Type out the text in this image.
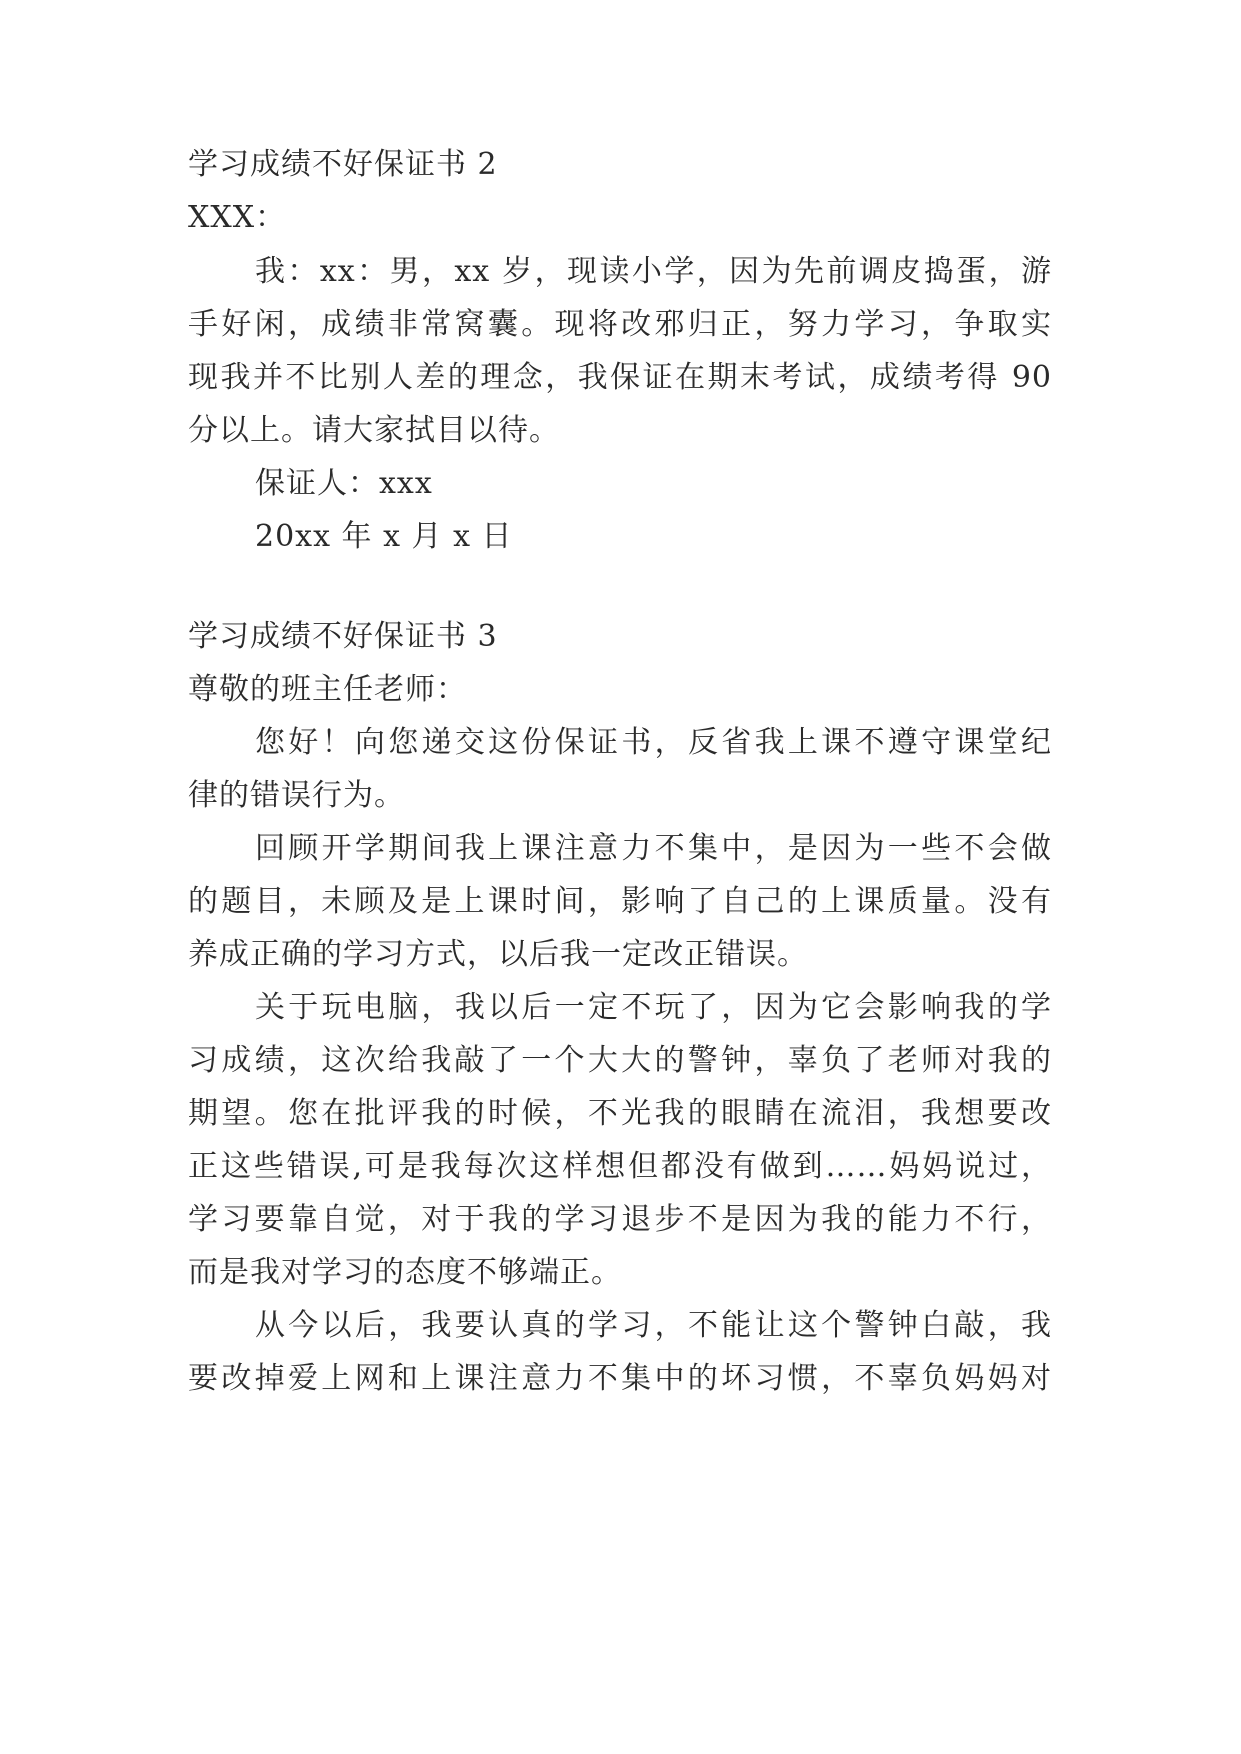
学习成绩不好保证书 2
XXX：
我：xx：男，xx 岁，现读小学，因为先前调皮捣蛋，游
手好闲，成绩非常窝囊。现将改邪归正，努力学习，争取实
现我并不比别人差的理念，我保证在期末考试，成绩考得 90
分以上。请大家拭目以待。
保证人：xxx
20xx 年 x 月 x 日
学习成绩不好保证书 3
尊敬的班主任老师：
您好！向您递交这份保证书，反省我上课不遵守课堂纪
律的错误行为。
回顾开学期间我上课注意力不集中，是因为一些不会做
的题目，未顾及是上课时间，影响了自己的上课质量。没有
养成正确的学习方式，以后我一定改正错误。
关于玩电脑，我以后一定不玩了，因为它会影响我的学
习成绩，这次给我敲了一个大大的警钟，辜负了老师对我的
期望。您在批评我的时候，不光我的眼睛在流泪，我想要改
正这些错误,可是我每次这样想但都没有做到……妈妈说过，
学习要靠自觉，对于我的学习退步不是因为我的能力不行，
而是我对学习的态度不够端正。
从今以后，我要认真的学习，不能让这个警钟白敲，我
要改掉爱上网和上课注意力不集中的坏习惯，不辜负妈妈对
